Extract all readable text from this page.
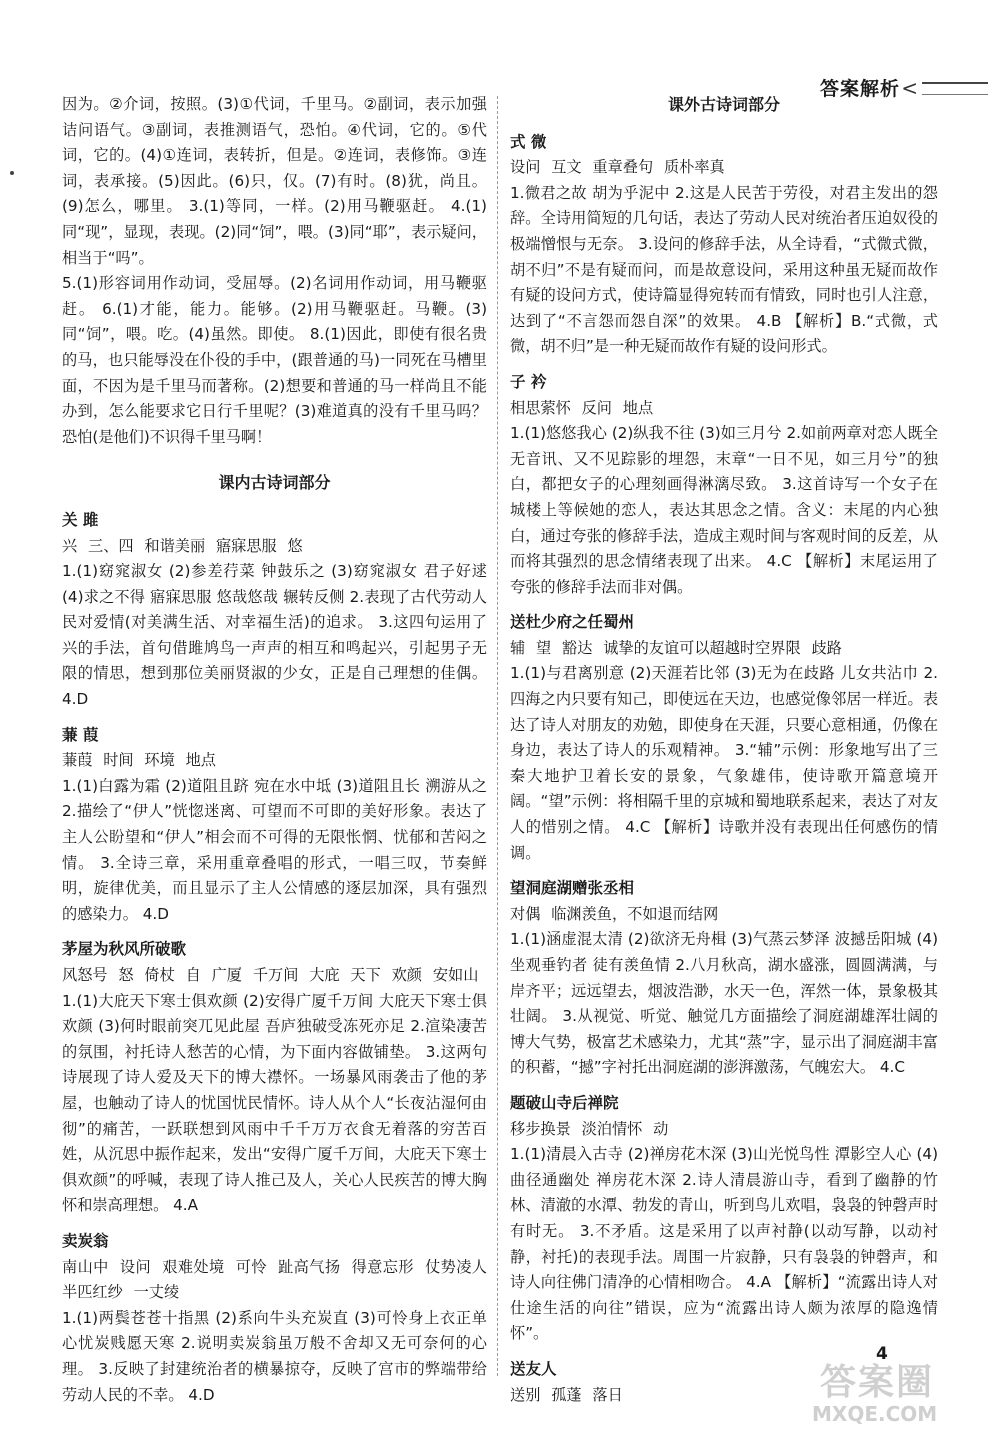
答案解析 <

因为。②介词，按照。(3)①代词，千里马。②副词，表示加强诘问语气。③副词，表推测语气，恐怕。④代词，它的。⑤代词，它的。(4)①连词，表转折，但是。②连词，表修饰。③连词，表承接。(5)因此。(6)只，仅。(7)有时。(8)犹，尚且。(9)怎么，哪里。 3.(1)等同，一样。(2)用马鞭驱赶。 4.(1)同“现”，显现，表现。(2)同“饲”，喂。(3)同“耶”，表示疑问，相当于“吗”。

5.(1)形容词用作动词，受屈辱。(2)名词用作动词，用马鞭驱赶。 6.(1)才能，能力。能够。(2)用马鞭驱赶。马鞭。(3)同“饲”，喂。吃。(4)虽然。即使。 8.(1)因此，即使有很名贵的马，也只能辱没在仆役的手中，(跟普通的马)一同死在马槽里面，不因为是千里马而著称。(2)想要和普通的马一样尚且不能办到，怎么能要求它日行千里呢？(3)难道真的没有千里马吗？恐怕(是他们)不识得千里马啊！

课内古诗词部分
关 雎
兴 三、四 和谐美丽 寤寐思服 悠
1.(1)窈窕淑女 (2)参差荇菜 钟鼓乐之 (3)窈窕淑女 君子好逑 (4)求之不得 寤寐思服 悠哉悠哉 辗转反侧 2.表现了古代劳动人民对爱情(对美满生活、对幸福生活)的追求。 3.这四句运用了兴的手法，首句借雎鸠鸟一声声的相互和鸣起兴，引起男子无限的情思，想到那位美丽贤淑的少女，正是自己理想的佳偶。 4.D
蒹 葭
蒹葭 时间 环境 地点
1.(1)白露为霜 (2)道阻且跻 宛在水中坻 (3)道阻且长 溯游从之 2.描绘了“伊人”恍惚迷离、可望而不可即的美好形象。表达了主人公盼望和“伊人”相会而不可得的无限怅惘、忧郁和苦闷之情。 3.全诗三章，采用重章叠唱的形式，一唱三叹，节奏鲜明，旋律优美，而且显示了主人公情感的逐层加深，具有强烈的感染力。 4.D
茅屋为秋风所破歌
风怒号 怒 倚杖 自 广厦 千万间 大庇 天下 欢颜 安如山
1.(1)大庇天下寒士俱欢颜 (2)安得广厦千万间 大庇天下寒士俱欢颜 (3)何时眼前突兀见此屋 吾庐独破受冻死亦足 2.渲染凄苦的氛围，衬托诗人愁苦的心情，为下面内容做铺垫。 3.这两句诗展现了诗人爱及天下的博大襟怀。一场暴风雨袭击了他的茅屋，也触动了诗人的忧国忧民情怀。诗人从个人“长夜沾湿何由彻”的痛苦，一跃联想到风雨中千千万万衣食无着落的穷苦百姓，从沉思中振作起来，发出“安得广厦千万间，大庇天下寒士俱欢颜”的呼喊，表现了诗人推己及人，关心人民疾苦的博大胸怀和崇高理想。 4.A
卖炭翁
南山中 设问 艰难处境 可怜 趾高气扬 得意忘形 仗势凌人 半匹红纱 一丈绫
1.(1)两鬓苍苍十指黑 (2)系向牛头充炭直 (3)可怜身上衣正单 心忧炭贱愿天寒 2.说明卖炭翁虽万般不舍却又无可奈何的心理。 3.反映了封建统治者的横暴掠夺，反映了宫市的弊端带给劳动人民的不幸。 4.D
课外古诗词部分
式 微
设问 互文 重章叠句 质朴率真
1.微君之故 胡为乎泥中 2.这是人民苦于劳役，对君主发出的怨辞。全诗用简短的几句话，表达了劳动人民对统治者压迫奴役的极端憎恨与无奈。 3.设问的修辞手法，从全诗看，“式微式微，胡不归”不是有疑而问，而是故意设问，采用这种虽无疑而故作有疑的设问方式，使诗篇显得宛转而有情致，同时也引人注意，达到了“不言怨而怨自深”的效果。 4.B 【解析】B.“式微，式微，胡不归”是一种无疑而故作有疑的设问形式。
子 衿
相思萦怀 反问 地点
1.(1)悠悠我心 (2)纵我不往 (3)如三月兮 2.如前两章对恋人既全无音讯、又不见踪影的埋怨，末章“一日不见，如三月兮”的独白，都把女子的心理刻画得淋漓尽致。 3.这首诗写一个女子在城楼上等候她的恋人，表达其思念之情。含义：末尾的内心独白，通过夸张的修辞手法，造成主观时间与客观时间的反差，从而将其强烈的思念情绪表现了出来。 4.C 【解析】末尾运用了夸张的修辞手法而非对偶。
送杜少府之任蜀州
辅 望 豁达 诚挚的友谊可以超越时空界限 歧路
1.(1)与君离别意 (2)天涯若比邻 (3)无为在歧路 儿女共沾巾 2.四海之内只要有知己，即使远在天边，也感觉像邻居一样近。表达了诗人对朋友的劝勉，即使身在天涯，只要心意相通，仍像在身边，表达了诗人的乐观精神。 3.“辅”示例：形象地写出了三秦大地护卫着长安的景象，气象雄伟，使诗歌开篇意境开阔。“望”示例：将相隔千里的京城和蜀地联系起来，表达了对友人的惜别之情。 4.C 【解析】诗歌并没有表现出任何感伤的情调。
望洞庭湖赠张丞相
对偶 临渊羡鱼，不如退而结网
1.(1)涵虚混太清 (2)欲济无舟楫 (3)气蒸云梦泽 波撼岳阳城 (4)坐观垂钓者 徒有羡鱼情 2.八月秋高，湖水盛涨，圆圆满满，与岸齐平；远远望去，烟波浩渺，水天一色，浑然一体，景象极其壮阔。 3.从视觉、听觉、触觉几方面描绘了洞庭湖雄浑壮阔的博大气势，极富艺术感染力，尤其“蒸”字，显示出了洞庭湖丰富的积蓄，“撼”字衬托出洞庭湖的澎湃激荡，气魄宏大。 4.C
题破山寺后禅院
移步换景 淡泊情怀 动
1.(1)清晨入古寺 (2)禅房花木深 (3)山光悦鸟性 潭影空人心 (4)曲径通幽处 禅房花木深 2.诗人清晨游山寺，看到了幽静的竹林、清澈的水潭、勃发的青山，听到鸟儿欢唱，袅袅的钟磬声时有时无。 3.不矛盾。这是采用了以声衬静(以动写静，以动衬静，衬托)的表现手法。周围一片寂静，只有袅袅的钟磬声，和诗人向往佛门清净的心情相吻合。 4.A 【解析】“流露出诗人对仕途生活的向往”错误，应为“流露出诗人颇为浓厚的隐逸情怀”。
送友人
送别 孤蓬 落日
4
答案圈
MXQE.COM
